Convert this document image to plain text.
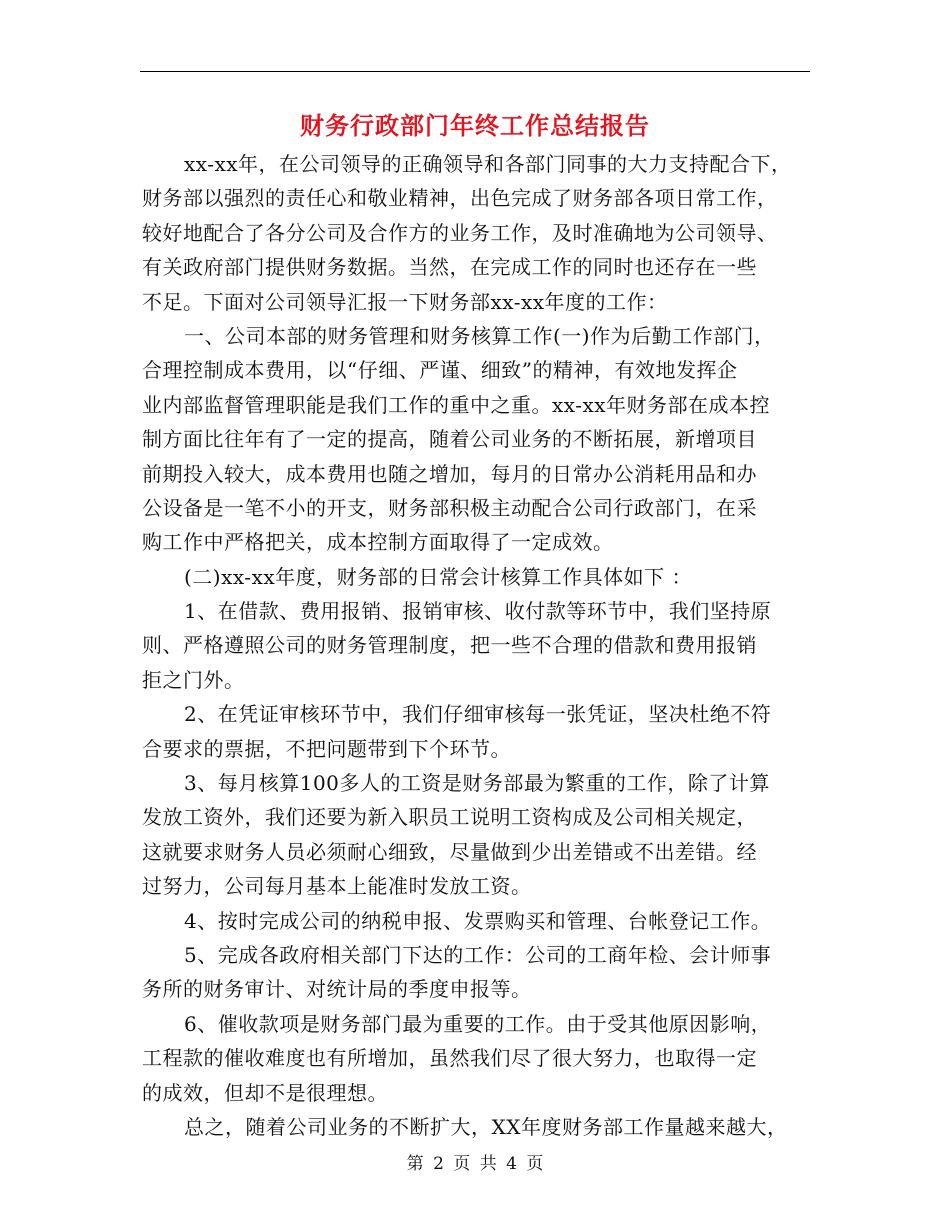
财务行政部门年终工作总结报告
xx-xx年，在公司领导的正确领导和各部门同事的大力支持配合下，
财务部以强烈的责任心和敬业精神，出色完成了财务部各项日常工作，
较好地配合了各分公司及合作方的业务工作，及时准确地为公司领导、
有关政府部门提供财务数据。当然，在完成工作的同时也还存在一些
不足。下面对公司领导汇报一下财务部xx-xx年度的工作：
一、公司本部的财务管理和财务核算工作(一)作为后勤工作部门，
合理控制成本费用，以“仔细、严谨、细致”的精神，有效地发挥企
业内部监督管理职能是我们工作的重中之重。xx-xx年财务部在成本控
制方面比往年有了一定的提高，随着公司业务的不断拓展，新增项目
前期投入较大，成本费用也随之增加，每月的日常办公消耗用品和办
公设备是一笔不小的开支，财务部积极主动配合公司行政部门，在采
购工作中严格把关，成本控制方面取得了一定成效。
(二)xx-xx年度，财务部的日常会计核算工作具体如下 ：
1、在借款、费用报销、报销审核、收付款等环节中，我们坚持原
则、严格遵照公司的财务管理制度，把一些不合理的借款和费用报销
拒之门外。
2、在凭证审核环节中，我们仔细审核每一张凭证，坚决杜绝不符
合要求的票据，不把问题带到下个环节。
3、每月核算100多人的工资是财务部最为繁重的工作，除了计算
发放工资外，我们还要为新入职员工说明工资构成及公司相关规定，
这就要求财务人员必须耐心细致，尽量做到少出差错或不出差错。经
过努力，公司每月基本上能准时发放工资。
4、按时完成公司的纳税申报、发票购买和管理、台帐登记工作。
5、完成各政府相关部门下达的工作：公司的工商年检、会计师事
务所的财务审计、对统计局的季度申报等。
6、催收款项是财务部门最为重要的工作。由于受其他原因影响，
工程款的催收难度也有所增加，虽然我们尽了很大努力，也取得一定
的成效，但却不是很理想。
总之，随着公司业务的不断扩大，XX年度财务部工作量越来越大，
第 2 页 共 4 页
